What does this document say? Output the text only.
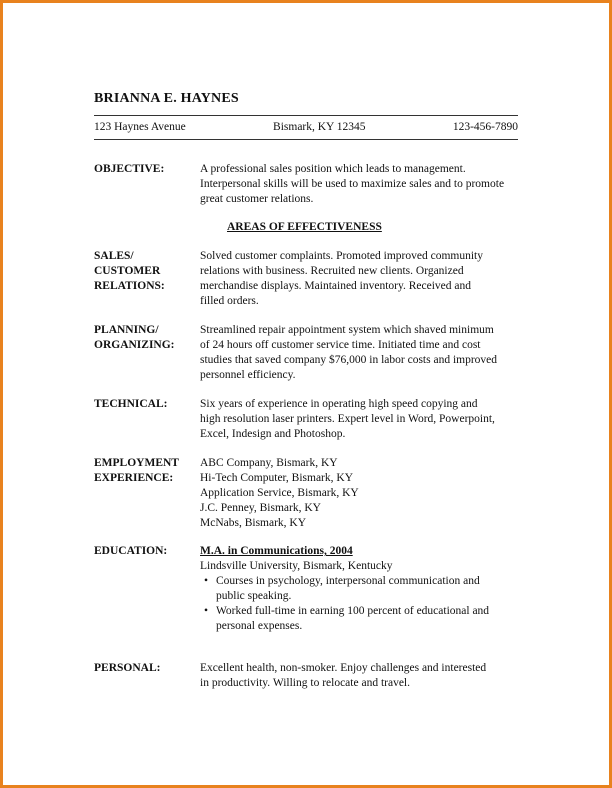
BRIANNA E. HAYNES
123 Haynes Avenue	Bismark, KY 12345	123-456-7890
OBJECTIVE:	A professional sales position which leads to management.
Interpersonal skills will be used to maximize sales and to promote
great customer relations.
AREAS OF EFFECTIVENESS
SALES/
CUSTOMER
RELATIONS:
Solved customer complaints. Promoted improved community
relations with business. Recruited new clients. Organized
merchandise displays. Maintained inventory. Received and
filled orders.
PLANNING/
ORGANIZING:
Streamlined repair appointment system which shaved minimum
of 24 hours off customer service time. Initiated time and cost
studies that saved company $76,000 in labor costs and improved
personnel efficiency.
TECHNICAL:	Six years of experience in operating high speed copying and
high resolution laser printers. Expert level in Word, Powerpoint,
Excel, Indesign and Photoshop.
EMPLOYMENT
EXPERIENCE:
ABC Company, Bismark, KY
Hi-Tech Computer, Bismark, KY
Application Service, Bismark, KY
J.C. Penney, Bismark, KY
McNabs, Bismark, KY
EDUCATION:	M.A. in Communications, 2004
Lindsville University, Bismark, Kentucky
• Courses in psychology, interpersonal communication and
public speaking.
• Worked full-time in earning 100 percent of educational and
personal expenses.
PERSONAL:	Excellent health, non-smoker. Enjoy challenges and interested
in productivity. Willing to relocate and travel.
